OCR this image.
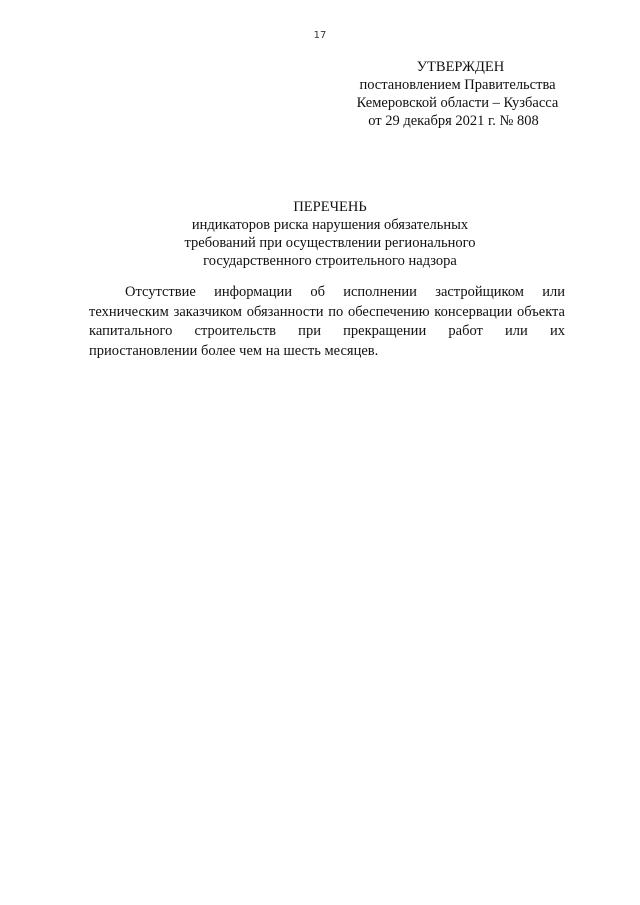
17
УТВЕРЖДЕН
постановлением Правительства
Кемеровской области – Кузбасса
от 29 декабря 2021 г. № 808
ПЕРЕЧЕНЬ
индикаторов риска нарушения обязательных
требований при осуществлении регионального
государственного строительного надзора
Отсутствие информации об исполнении застройщиком или техническим заказчиком обязанности по обеспечению консервации объекта капитального строительств при прекращении работ или их приостановлении более чем на шесть месяцев.
